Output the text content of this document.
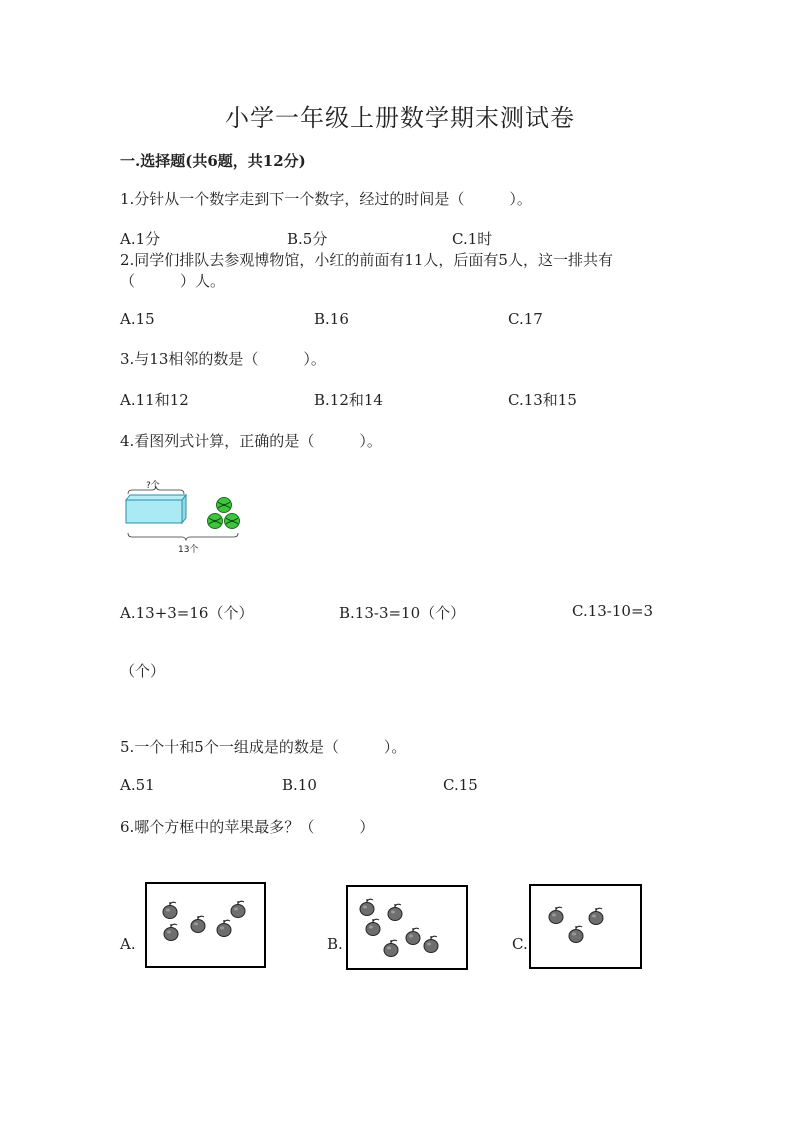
小学一年级上册数学期末测试卷
一.选择题(共6题，共12分)
1.分针从一个数字走到下一个数字，经过的时间是（　　　）。
A.1分	B.5分	C.1时
2.同学们排队去参观博物馆，小红的前面有11人，后面有5人，这一排共有
（　　　）人。
A.15	B.16	C.17
3.与13相邻的数是（　　　）。
A.11和12	B.12和14	C.13和15
4.看图列式计算，正确的是（　　　）。
?个
13个
A.13+3=16（个）	B.13-3=10（个）	C.13-10=3
（个）
5.一个十和5个一组成是的数是（　　　）。
A.51	B.10	C.15
6.哪个方框中的苹果最多？（　　　）
A.	B.	C.
